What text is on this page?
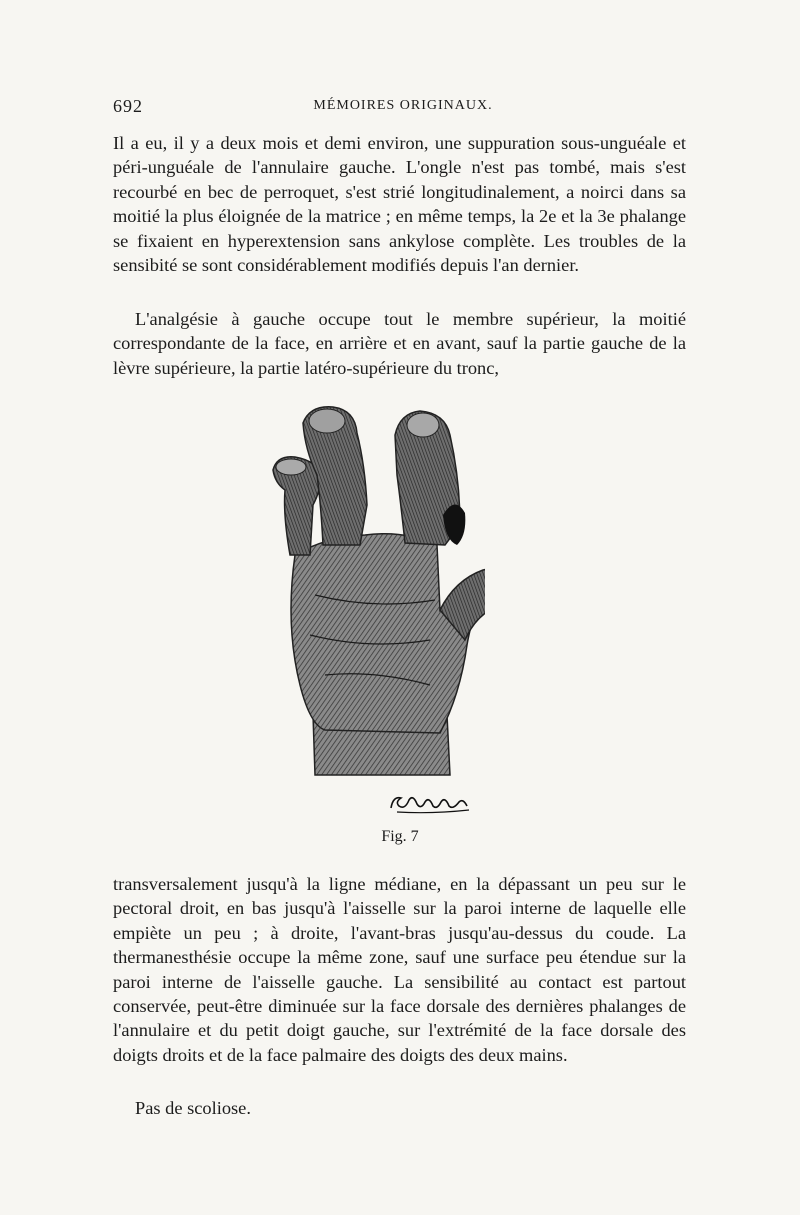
692	MÉMOIRES ORIGINAUX.

Il a eu, il y a deux mois et demi environ, une suppuration sous-unguéale et péri-unguéale de l'annulaire gauche. L'ongle n'est pas tombé, mais s'est recourbé en bec de perroquet, s'est strié longitudinalement, a noirci dans sa moitié la plus éloignée de la matrice ; en même temps, la 2e et la 3e phalange se fixaient en hyperextension sans ankylose complète. Les troubles de la sensibité se sont considérablement modifiés depuis l'an dernier.

L'analgésie à gauche occupe tout le membre supérieur, la moitié correspondante de la face, en arrière et en avant, sauf la partie gauche de la lèvre supérieure, la partie latéro-supérieure du tronc,

Fig. 7

transversalement jusqu'à la ligne médiane, en la dépassant un peu sur le pectoral droit, en bas jusqu'à l'aisselle sur la paroi interne de laquelle elle empiète un peu ; à droite, l'avant-bras jusqu'au-dessus du coude. La thermanesthésie occupe la même zone, sauf une surface peu étendue sur la paroi interne de l'aisselle gauche. La sensibilité au contact est partout conservée, peut-être diminuée sur la face dorsale des dernières phalanges de l'annulaire et du petit doigt gauche, sur l'extrémité de la face dorsale des doigts droits et de la face palmaire des doigts des deux mains.

Pas de scoliose.
